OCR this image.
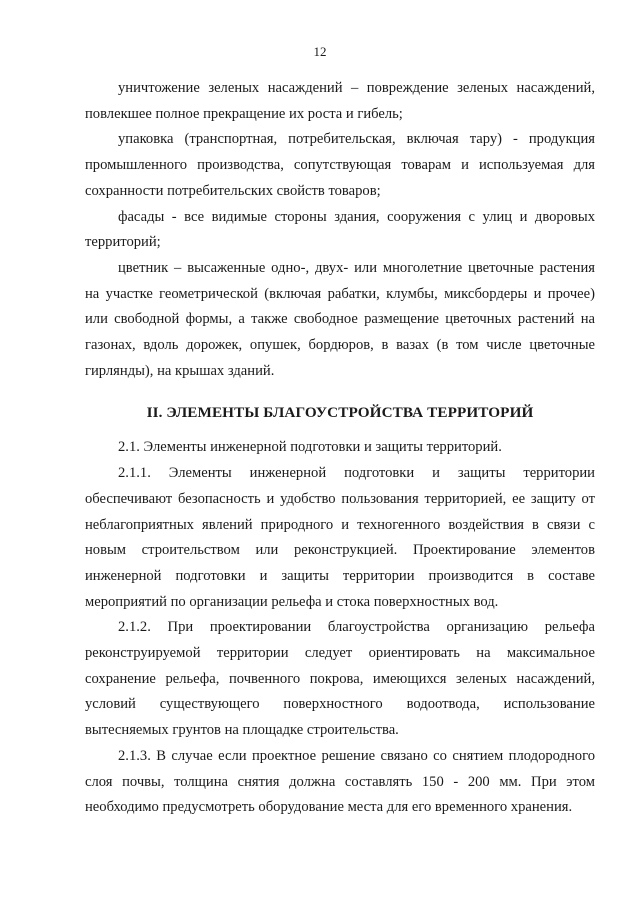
12

уничтожение зеленых насаждений – повреждение зеленых насаждений, повлекшее полное прекращение их роста и гибель;

упаковка (транспортная, потребительская, включая тару) - продукция промышленного производства, сопутствующая товарам и используемая для сохранности потребительских свойств товаров;

фасады - все видимые стороны здания, сооружения с улиц и дворовых территорий;

цветник – высаженные одно-, двух- или многолетние цветочные растения на участке геометрической (включая рабатки, клумбы, миксбордеры и прочее) или свободной формы, а также свободное размещение цветочных растений на газонах, вдоль дорожек, опушек, бордюров, в вазах (в том числе цветочные гирлянды), на крышах зданий.

II. ЭЛЕМЕНТЫ БЛАГОУСТРОЙСТВА ТЕРРИТОРИЙ

2.1. Элементы инженерной подготовки и защиты территорий.

2.1.1. Элементы инженерной подготовки и защиты территории обеспечивают безопасность и удобство пользования территорией, ее защиту от неблагоприятных явлений природного и техногенного воздействия в связи с новым строительством или реконструкцией. Проектирование элементов инженерной подготовки и защиты территории производится в составе мероприятий по организации рельефа и стока поверхностных вод.

2.1.2. При проектировании благоустройства организацию рельефа реконструируемой территории следует ориентировать на максимальное сохранение рельефа, почвенного покрова, имеющихся зеленых насаждений, условий существующего поверхностного водоотвода, использование вытесняемых грунтов на площадке строительства.

2.1.3. В случае если проектное решение связано со снятием плодородного слоя почвы, толщина снятия должна составлять 150 - 200 мм. При этом необходимо предусмотреть оборудование места для его временного хранения.
